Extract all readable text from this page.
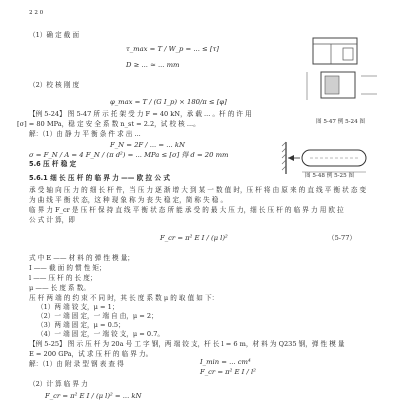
2 2 0
（1）确 定 截 面
τ_max = T / W_p = ... ≤ [τ]
D ≥ ... ≈ ... mm
（2）校 核 刚 度
φ_max = T / (G I_p) × 180/π ≤ [φ]
【例 5-24】 图 5-47 所 示 托 架 受 力 F = 40 kN，承 载 ... 。杆 的 许 用
[σ] = 80 MPa，稳 定 安 全 系 数 n_st = 2.2，试 校 核 ...。
解：（1）由 静 力 平 衡 条 件 求 出 ...
F_N = 2F / ... = ... kN
σ = F_N / A = 4 F_N / (π d²) = ... MPa ≤ [σ] 得 d = 20 mm
图 5-47 例 5-24 图
图 5-48 例 5-25 图
5.6 压 杆 稳 定
5.6.1 细 长 压 杆 的 临 界 力 —— 欧 拉 公 式
承 受 轴 向 压 力 的 细 长 杆 件，当 压 力 逐 渐 增 大 到 某 一 数 值 时，压 杆 将 由 原 来 的 直 线 平 衡 状 态 变
为 曲 线 平 衡 状 态，这 种 现 象 称 为 丧 失 稳 定，简 称 失 稳 。
临 界 力 F_cr 是 压 杆 保 持 直 线 平 衡 状 态 所 能 承 受 的 最 大 压 力，细 长 压 杆 的 临 界 力 用 欧 拉
公 式 计 算，即
F_cr = π² E I / (μ l)²	（5-77）
式 中 E —— 材 料 的 弹 性 模 量；
I —— 截 面 的 惯 性 矩；
l —— 压 杆 的 长 度；
μ —— 长 度 系 数。
压 杆 两 端 的 约 束 不 同 时，其 长 度 系 数 μ 的 取 值 如 下：
（1）两 端 铰 支，μ = 1；
（2）一 端 固 定，一 端 自 由，μ = 2；
（3）两 端 固 定，μ = 0.5；
（4）一 端 固 定，一 端 铰 支，μ = 0.7。
【例 5-25】 图 示 压 杆 为 20a 号 工 字 钢，两 端 铰 支，杆 长 l = 6 m，材 料 为 Q235 钢，弹 性 模 量
E = 200 GPa，试 求 压 杆 的 临 界 力。
解：（1）由 附 录 型 钢 表 查 得	I_min = ... cm⁴
F_cr = π² E I / l²
（2）计 算 临 界 力
F_cr = π² E I / (μ l)² = ... kN
